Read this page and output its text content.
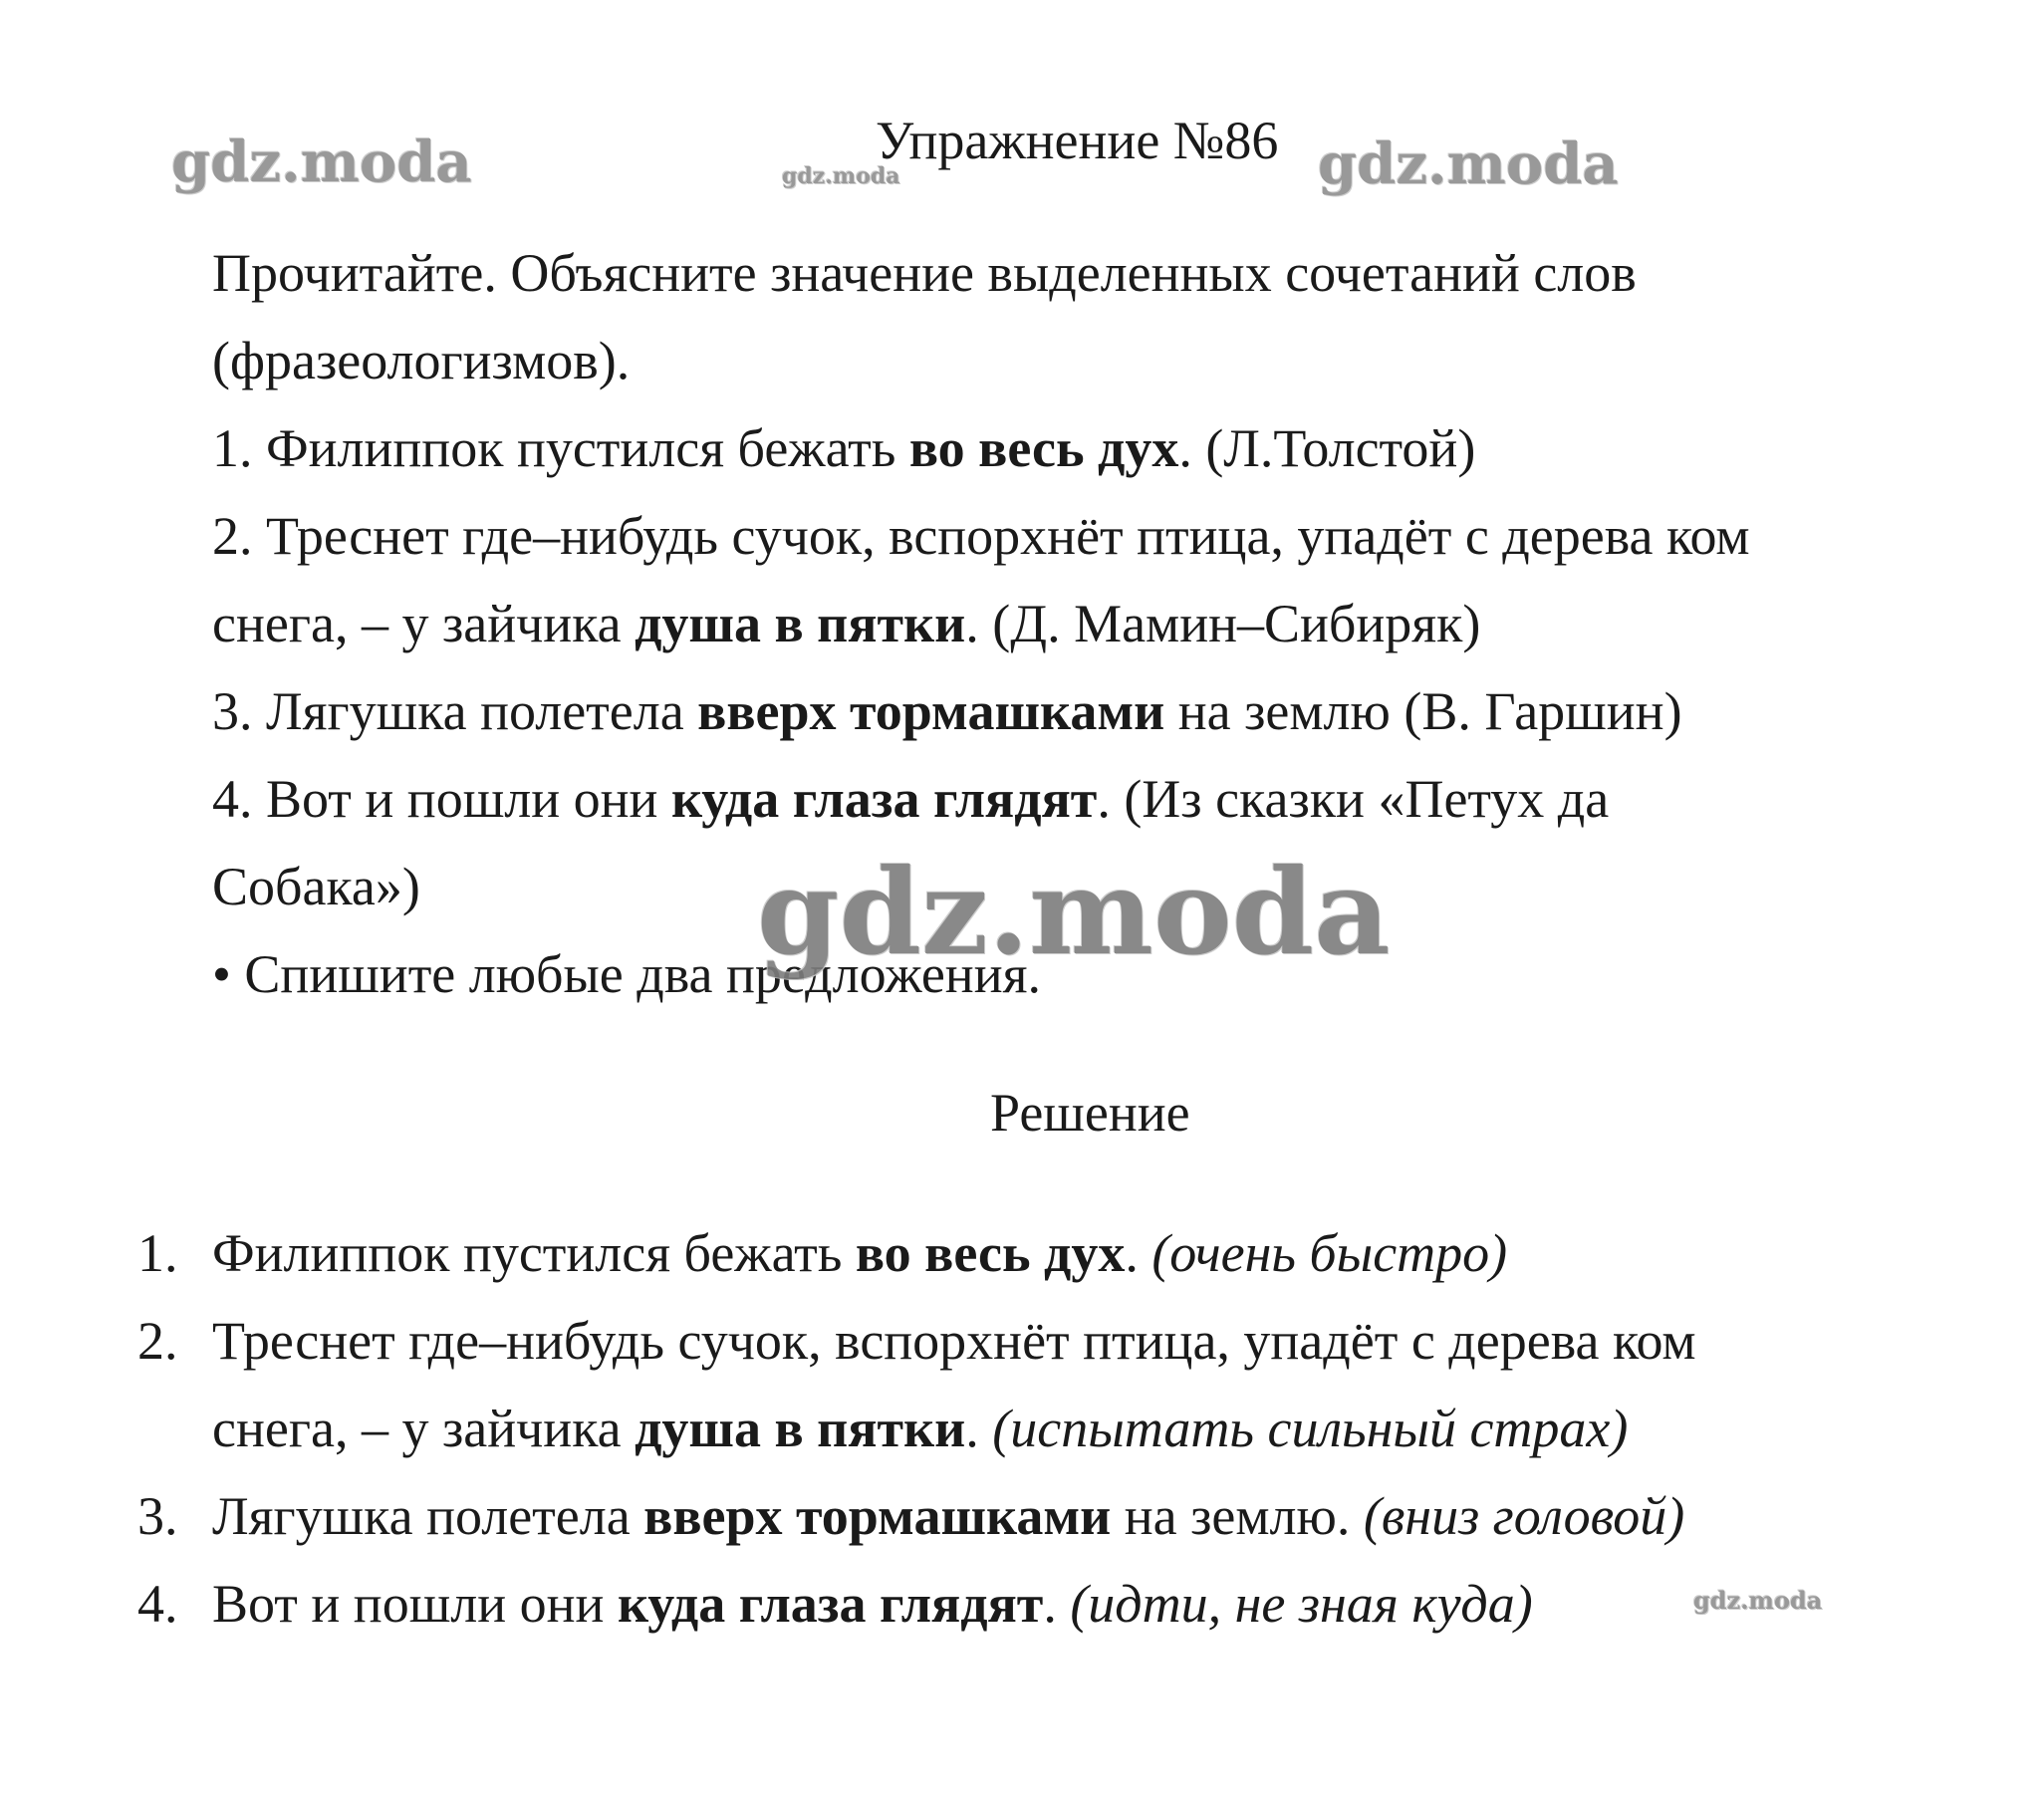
Упражнение №86
Прочитайте. Объясните значение выделенных сочетаний слов
(фразеологизмов).
1. Филиппок пустился бежать во весь дух. (Л.Толстой)
2. Треснет где–нибудь сучок, вспорхнёт птица, упадёт с дерева ком
снега, – у зайчика душа в пятки. (Д. Мамин–Сибиряк)
3. Лягушка полетела вверх тормашками на землю (В. Гаршин)
4. Вот и пошли они куда глаза глядят. (Из сказки «Петух да
Собака»)
• Спишите любые два предложения.
Решение
1. Филиппок пустился бежать во весь дух. (очень быстро)
2. Треснет где–нибудь сучок, вспорхнёт птица, упадёт с дерева ком
снега, – у зайчика душа в пятки. (испытать сильный страх)
3. Лягушка полетела вверх тормашками на землю. (вниз головой)
4. Вот и пошли они куда глаза глядят. (идти, не зная куда)
gdz.moda	gdz.moda	gdz.moda
gdz.moda
gdz.moda
